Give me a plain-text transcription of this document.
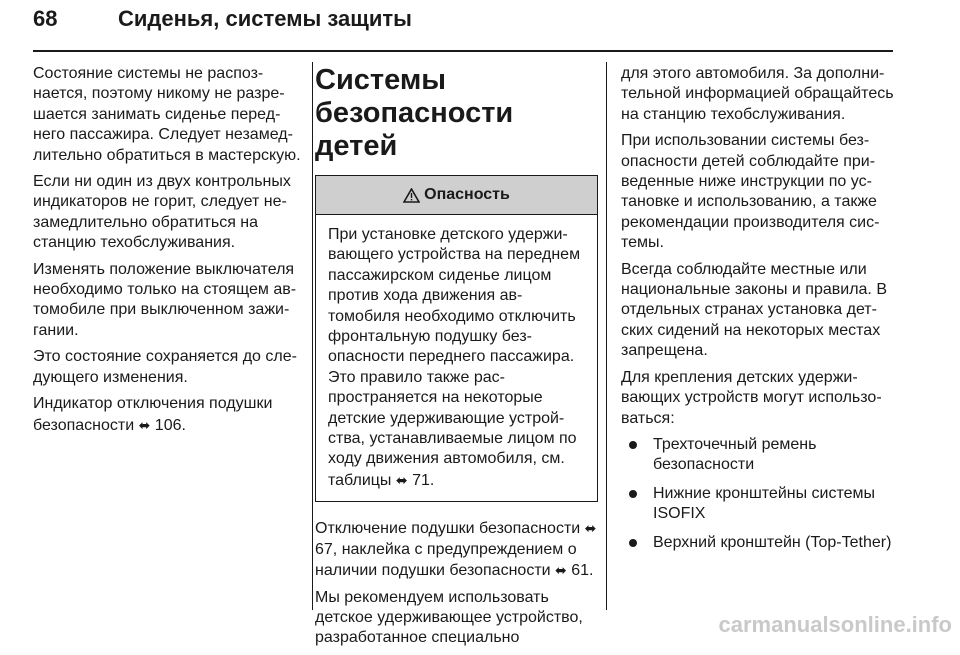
68	Сиденья, системы защиты

Состояние системы не распознается, поэтому никому не разрешается занимать сиденье переднего пассажира. Следует незамедлительно обратиться в мастерскую.

Если ни один из двух контрольных индикаторов не горит, следует незамедлительно обратиться на станцию техобслуживания.

Изменять положение выключателя необходимо только на стоящем автомобиле при выключенном зажигании.

Это состояние сохраняется до следующего изменения.

Индикатор отключения подушки безопасности ⬌ 106.

Системы безопасности детей
Опасность
При установке детского удерживающего устройства на переднем пассажирском сиденье лицом против хода движения автомобиля необходимо отключить фронтальную подушку безопасности переднего пассажира. Это правило также распространяется на некоторые детские удерживающие устройства, устанавливаемые лицом по ходу движения автомобиля, см. таблицы ⬌ 71.

Отключение подушки безопасности ⬌ 67, наклейка с предупреждением о наличии подушки безопасности ⬌ 61.

Мы рекомендуем использовать детское удерживающее устройство, разработанное специально

для этого автомобиля. За дополнительной информацией обращайтесь на станцию техобслуживания.

При использовании системы безопасности детей соблюдайте приведенные ниже инструкции по установке и использованию, а также рекомендации производителя системы.

Всегда соблюдайте местные или национальные законы и правила. В отдельных странах установка детских сидений на некоторых местах запрещена.

Для крепления детских удерживающих устройств могут использоваться:

Трехточечный ремень безопасности
Нижние кронштейны системы ISOFIX
Верхний кронштейн (Top-Tether)
carmanualsonline.info
